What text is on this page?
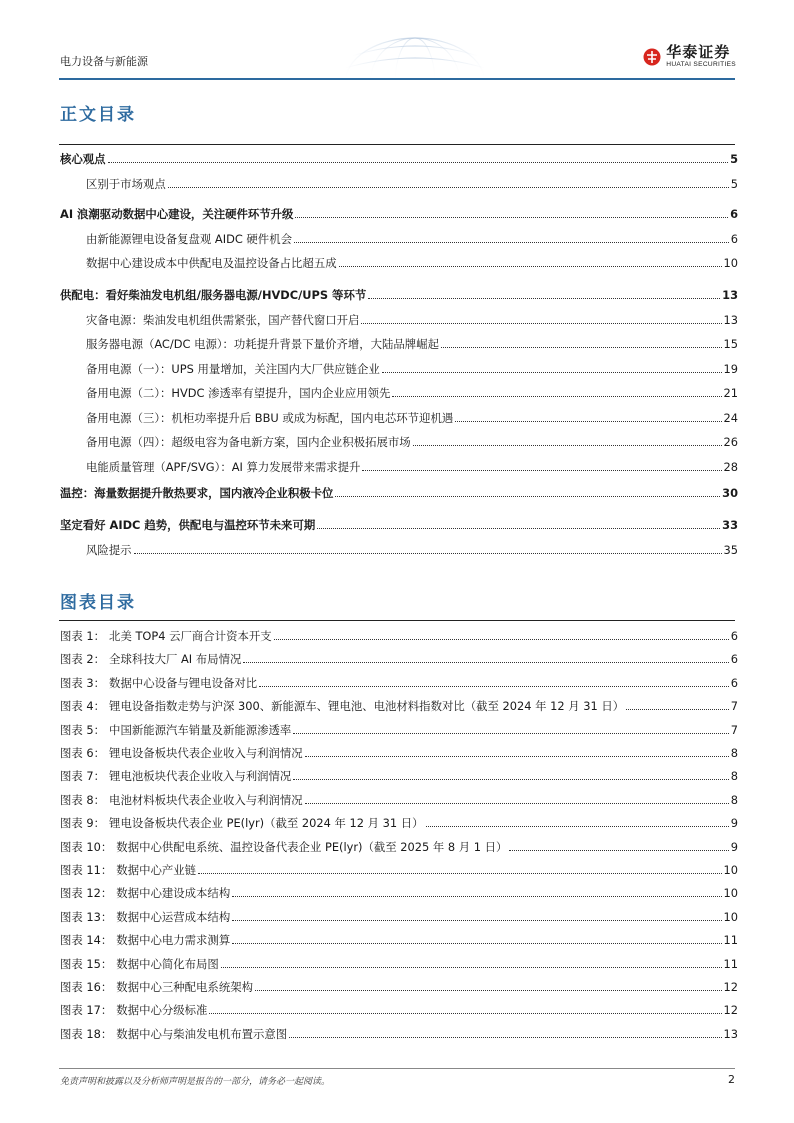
电力设备与新能源
华泰证券
HUATAI SECURITIES
正文目录
核心观点	5
区别于市场观点	5
AI 浪潮驱动数据中心建设，关注硬件环节升级	6
由新能源锂电设备复盘观 AIDC 硬件机会	6
数据中心建设成本中供配电及温控设备占比超五成	10
供配电：看好柴油发电机组/服务器电源/HVDC/UPS 等环节	13
灾备电源：柴油发电机组供需紧张，国产替代窗口开启	13
服务器电源（AC/DC 电源）：功耗提升背景下量价齐增，大陆品牌崛起	15
备用电源（一）：UPS 用量增加，关注国内大厂供应链企业	19
备用电源（二）：HVDC 渗透率有望提升，国内企业应用领先	21
备用电源（三）：机柜功率提升后 BBU 或成为标配，国内电芯环节迎机遇	24
备用电源（四）：超级电容为备电新方案，国内企业积极拓展市场	26
电能质量管理（APF/SVG）：AI 算力发展带来需求提升	28
温控：海量数据提升散热要求，国内液冷企业积极卡位	30
坚定看好 AIDC 趋势，供配电与温控环节未来可期	33
风险提示	35
图表目录
图表 1： 北美 TOP4 云厂商合计资本开支	6
图表 2： 全球科技大厂 AI 布局情况	6
图表 3： 数据中心设备与锂电设备对比	6
图表 4： 锂电设备指数走势与沪深 300、新能源车、锂电池、电池材料指数对比（截至 2024 年 12 月 31 日）	7
图表 5： 中国新能源汽车销量及新能源渗透率	7
图表 6： 锂电设备板块代表企业收入与利润情况	8
图表 7： 锂电池板块代表企业收入与利润情况	8
图表 8： 电池材料板块代表企业收入与利润情况	8
图表 9： 锂电设备板块代表企业 PE(lyr)（截至 2024 年 12 月 31 日）	9
图表 10： 数据中心供配电系统、温控设备代表企业 PE(lyr)（截至 2025 年 8 月 1 日）	9
图表 11： 数据中心产业链	10
图表 12： 数据中心建设成本结构	10
图表 13： 数据中心运营成本结构	10
图表 14： 数据中心电力需求测算	11
图表 15： 数据中心简化布局图	11
图表 16： 数据中心三种配电系统架构	12
图表 17： 数据中心分级标准	12
图表 18： 数据中心与柴油发电机布置示意图	13
免责声明和披露以及分析师声明是报告的一部分，请务必一起阅读。	2
